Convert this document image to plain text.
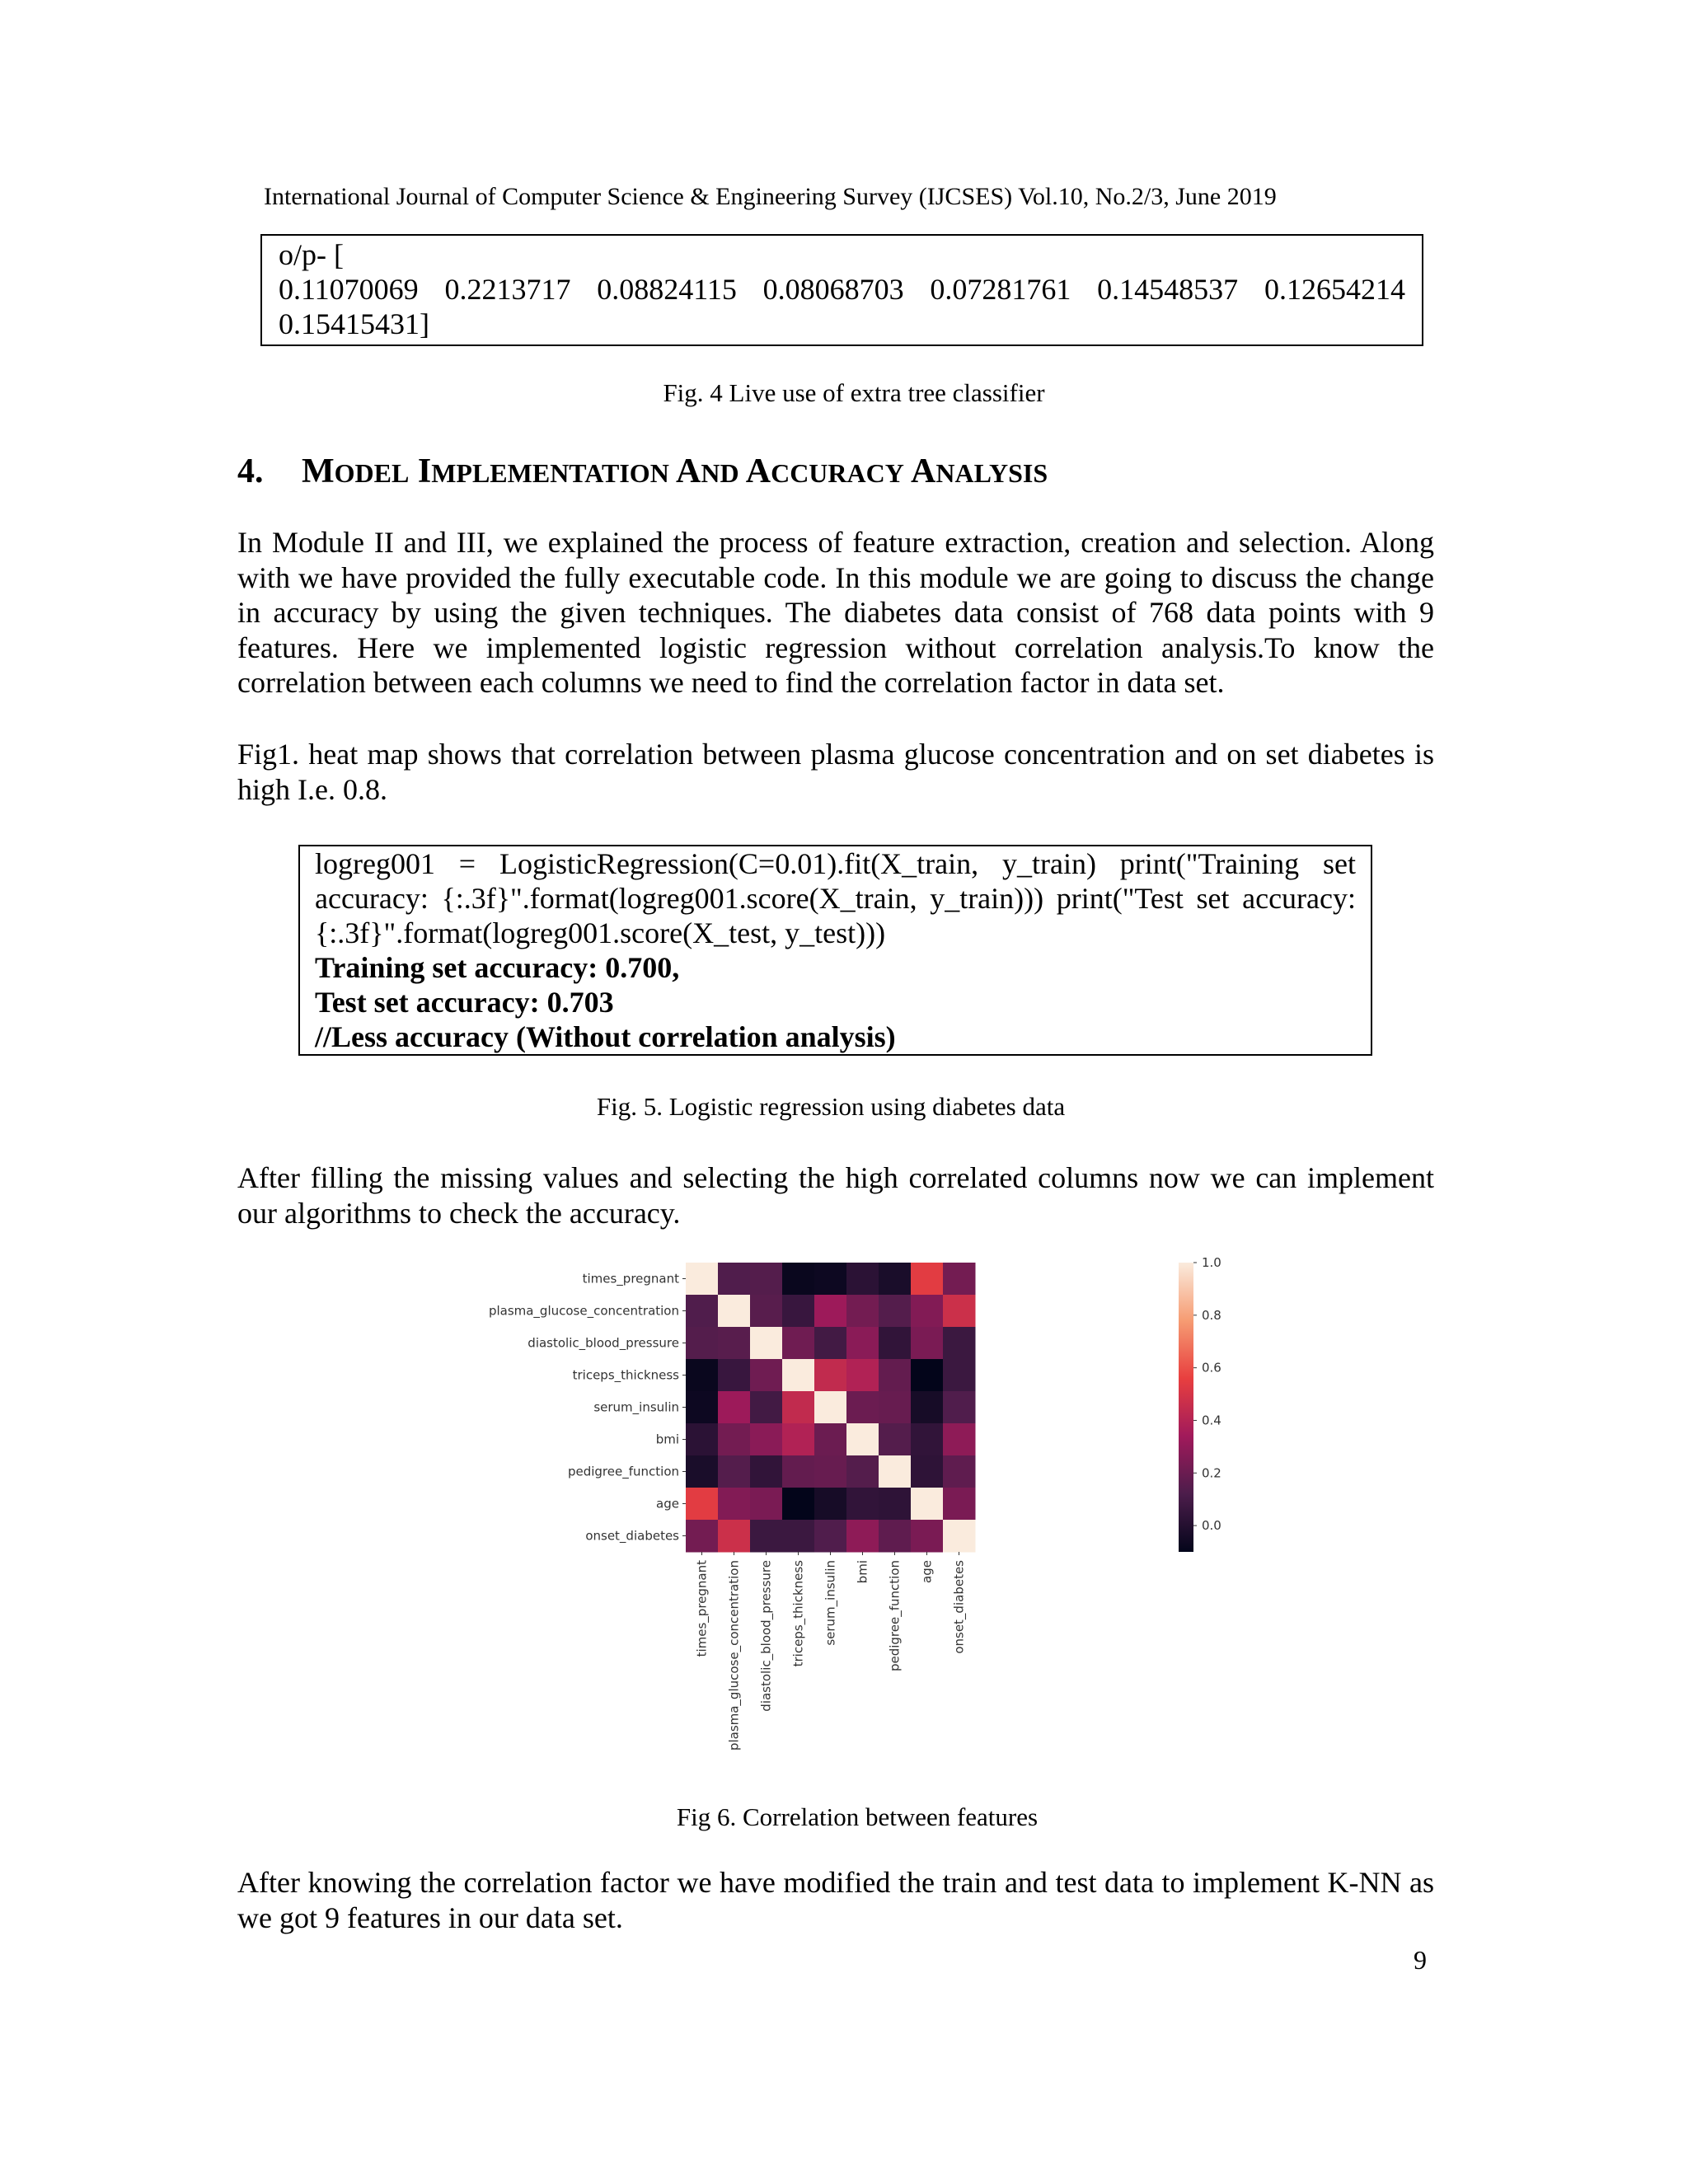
International Journal of Computer Science & Engineering Survey (IJCSES) Vol.10, No.2/3, June 2019
o/p- [
0.11070069 0.2213717 0.08824115 0.08068703 0.07281761 0.14548537 0.12654214
0.15415431]
Fig. 4 Live use of extra tree classifier
4. MODEL IMPLEMENTATION AND ACCURACY ANALYSIS
In Module II and III, we explained the process of feature extraction, creation and selection. Along with we have provided the fully executable code. In this module we are going to discuss the change in accuracy by using the given techniques. The diabetes data consist of 768 data points with 9 features. Here we implemented logistic regression without correlation analysis.To know the correlation between each columns we need to find the correlation factor in data set.
Fig1. heat map shows that correlation between plasma glucose concentration and on set diabetes is high I.e. 0.8.
logreg001 = LogisticRegression(C=0.01).fit(X_train, y_train) print("Training set accuracy: {:.3f}".format(logreg001.score(X_train, y_train))) print("Test set accuracy: {:.3f}".format(logreg001.score(X_test, y_test)))
Training set accuracy: 0.700,
Test set accuracy: 0.703
//Less accuracy (Without correlation analysis)
Fig. 5. Logistic regression using diabetes data
After filling the missing values and selecting the high correlated columns now we can implement our algorithms to check the accuracy.
times_pregnant
plasma_glucose_concentration
diastolic_blood_pressure
triceps_thickness
serum_insulin
bmi
pedigree_function
age
onset_diabetes
times_pregnant plasma_glucose_concentration diastolic_blood_pressure triceps_thickness serum_insulin bmi pedigree_function age onset_diabetes
1.0
0.8
0.6
0.4
0.2
0.0
Fig 6. Correlation between features
After knowing the correlation factor we have modified the train and test data to implement K-NN as we got 9 features in our data set.
9
